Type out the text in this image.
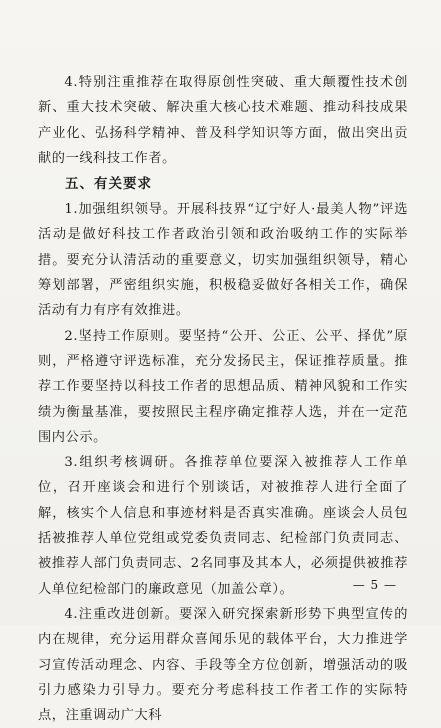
4.特别注重推荐在取得原创性突破、重大颠覆性技术创新、重大技术突破、解决重大核心技术难题、推动科技成果产业化、弘扬科学精神、普及科学知识等方面，做出突出贡献的一线科技工作者。

五、有关要求

1.加强组织领导。开展科技界“辽宁好人·最美人物”评选活动是做好科技工作者政治引领和政治吸纳工作的实际举措。要充分认清活动的重要意义，切实加强组织领导，精心筹划部署，严密组织实施，积极稳妥做好各相关工作，确保活动有力有序有效推进。

2.坚持工作原则。要坚持“公开、公正、公平、择优”原则，严格遵守评选标准，充分发扬民主，保证推荐质量。推荐工作要坚持以科技工作者的思想品质、精神风貌和工作实绩为衡量基准，要按照民主程序确定推荐人选，并在一定范围内公示。

3.组织考核调研。各推荐单位要深入被推荐人工作单位，召开座谈会和进行个别谈话，对被推荐人进行全面了解，核实个人信息和事迹材料是否真实准确。座谈会人员包括被推荐人单位党组或党委负责同志、纪检部门负责同志、被推荐人部门负责同志、2名同事及其本人，必须提供被推荐人单位纪检部门的廉政意见（加盖公章）。

4.注重改进创新。要深入研究探索新形势下典型宣传的内在规律，充分运用群众喜闻乐见的载体平台，大力推进学习宣传活动理念、内容、手段等全方位创新，增强活动的吸引力感染力引导力。要充分考虑科技工作者工作的实际特点，注重调动广大科

— 5 —
